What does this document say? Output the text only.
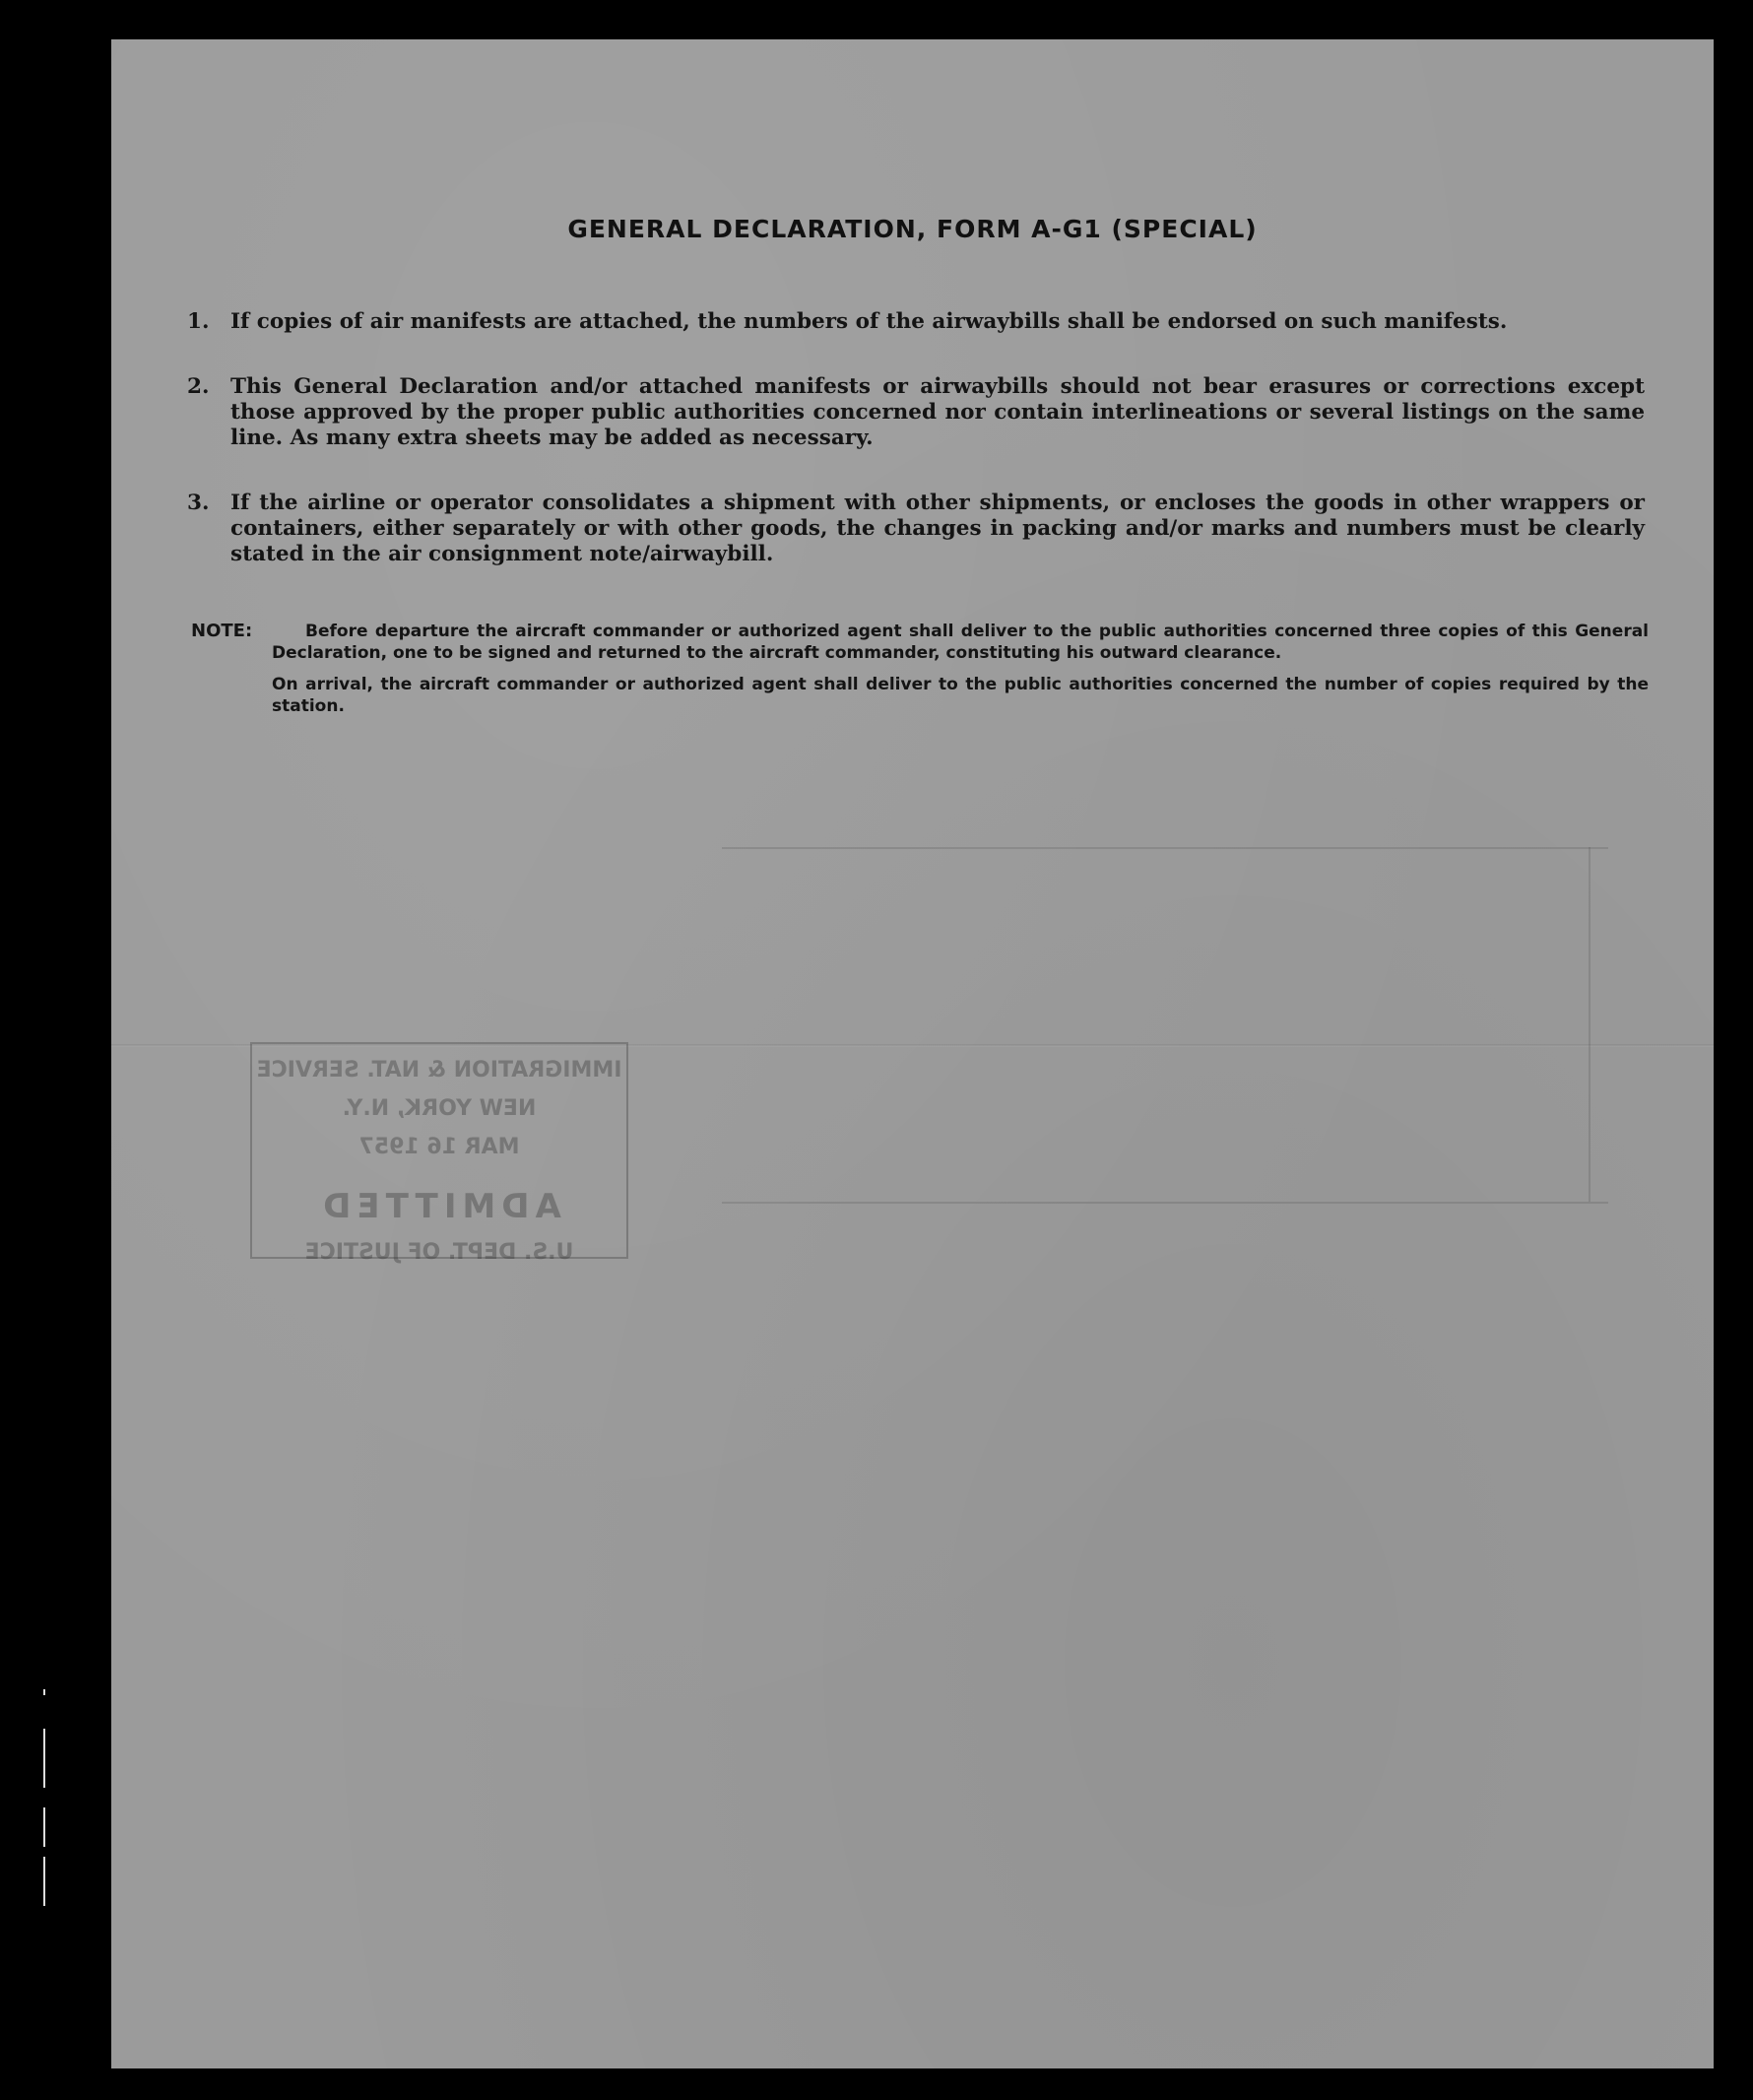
IMMIGRATION & NAT. SERVICE
NEW YORK, N.Y.
MAR 16 1957
ADMITTED
U.S. DEPT. OF JUSTICE
GENERAL DECLARATION, FORM A-G1 (SPECIAL)
1. If copies of air manifests are attached, the numbers of the airwaybills shall be endorsed on such manifests.
2. This General Declaration and/or attached manifests or airwaybills should not bear erasures or corrections except those approved by the proper public authorities concerned nor contain interlineations or several listings on the same line. As many extra sheets may be added as necessary.
3. If the airline or operator consolidates a shipment with other shipments, or encloses the goods in other wrappers or containers, either separately or with other goods, the changes in packing and/or marks and numbers must be clearly stated in the air consignment note/airwaybill.
NOTE:	Before departure the aircraft commander or authorized agent shall deliver to the public authorities concerned three copies of this General Declaration, one to be signed and returned to the aircraft commander, constituting his outward clearance.
On arrival, the aircraft commander or authorized agent shall deliver to the public authorities concerned the number of copies required by the station.
